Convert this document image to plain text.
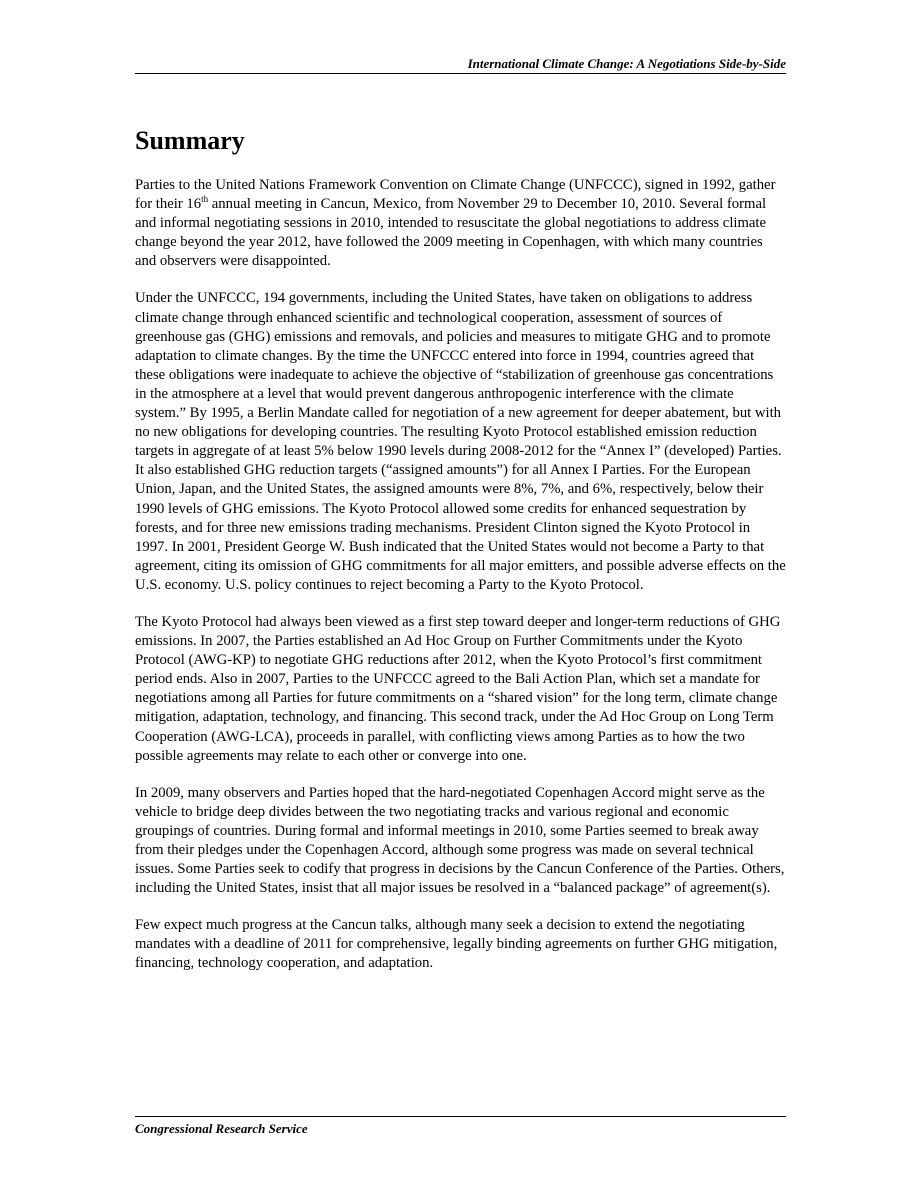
International Climate Change: A Negotiations Side-by-Side
Summary

Parties to the United Nations Framework Convention on Climate Change (UNFCCC), signed in 1992, gather for their 16th annual meeting in Cancun, Mexico, from November 29 to December 10, 2010. Several formal and informal negotiating sessions in 2010, intended to resuscitate the global negotiations to address climate change beyond the year 2012, have followed the 2009 meeting in Copenhagen, with which many countries and observers were disappointed.

Under the UNFCCC, 194 governments, including the United States, have taken on obligations to address climate change through enhanced scientific and technological cooperation, assessment of sources of greenhouse gas (GHG) emissions and removals, and policies and measures to mitigate GHG and to promote adaptation to climate changes. By the time the UNFCCC entered into force in 1994, countries agreed that these obligations were inadequate to achieve the objective of “stabilization of greenhouse gas concentrations in the atmosphere at a level that would prevent dangerous anthropogenic interference with the climate system.” By 1995, a Berlin Mandate called for negotiation of a new agreement for deeper abatement, but with no new obligations for developing countries. The resulting Kyoto Protocol established emission reduction targets in aggregate of at least 5% below 1990 levels during 2008-2012 for the “Annex I” (developed) Parties. It also established GHG reduction targets (“assigned amounts”) for all Annex I Parties. For the European Union, Japan, and the United States, the assigned amounts were 8%, 7%, and 6%, respectively, below their 1990 levels of GHG emissions. The Kyoto Protocol allowed some credits for enhanced sequestration by forests, and for three new emissions trading mechanisms. President Clinton signed the Kyoto Protocol in 1997. In 2001, President George W. Bush indicated that the United States would not become a Party to that agreement, citing its omission of GHG commitments for all major emitters, and possible adverse effects on the U.S. economy. U.S. policy continues to reject becoming a Party to the Kyoto Protocol.

The Kyoto Protocol had always been viewed as a first step toward deeper and longer-term reductions of GHG emissions. In 2007, the Parties established an Ad Hoc Group on Further Commitments under the Kyoto Protocol (AWG-KP) to negotiate GHG reductions after 2012, when the Kyoto Protocol’s first commitment period ends. Also in 2007, Parties to the UNFCCC agreed to the Bali Action Plan, which set a mandate for negotiations among all Parties for future commitments on a “shared vision” for the long term, climate change mitigation, adaptation, technology, and financing. This second track, under the Ad Hoc Group on Long Term Cooperation (AWG-LCA), proceeds in parallel, with conflicting views among Parties as to how the two possible agreements may relate to each other or converge into one.

In 2009, many observers and Parties hoped that the hard-negotiated Copenhagen Accord might serve as the vehicle to bridge deep divides between the two negotiating tracks and various regional and economic groupings of countries. During formal and informal meetings in 2010, some Parties seemed to break away from their pledges under the Copenhagen Accord, although some progress was made on several technical issues. Some Parties seek to codify that progress in decisions by the Cancun Conference of the Parties. Others, including the United States, insist that all major issues be resolved in a “balanced package” of agreement(s).

Few expect much progress at the Cancun talks, although many seek a decision to extend the negotiating mandates with a deadline of 2011 for comprehensive, legally binding agreements on further GHG mitigation, financing, technology cooperation, and adaptation.

Congressional Research Service
